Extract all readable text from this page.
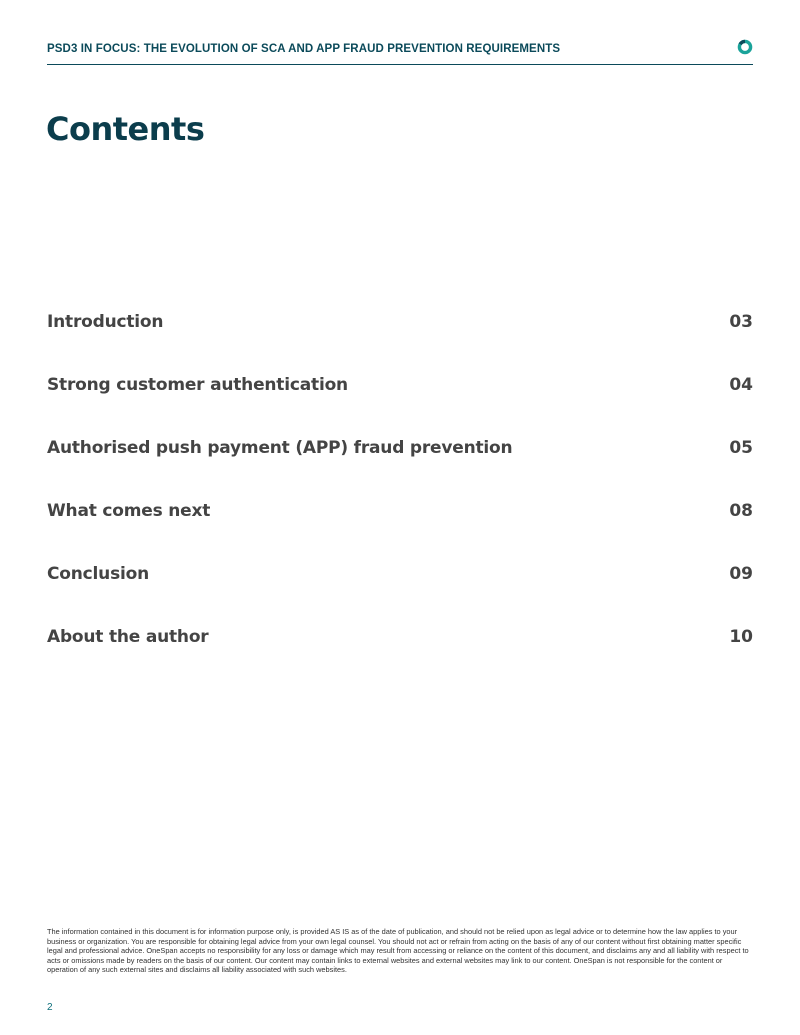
PSD3 IN FOCUS: THE EVOLUTION OF SCA AND APP FRAUD PREVENTION REQUIREMENTS
Contents
Introduction	03
Strong customer authentication	04
Authorised push payment (APP) fraud prevention	05
What comes next	08
Conclusion	09
About the author	10
The information contained in this document is for information purpose only, is provided AS IS as of the date of publication, and should not be relied upon as legal advice or to determine how the law applies to your business or organization. You are responsible for obtaining legal advice from your own legal counsel. You should not act or refrain from acting on the basis of any of our content without first obtaining matter specific legal and professional advice. OneSpan accepts no responsibility for any loss or damage which may result from accessing or reliance on the content of this document, and disclaims any and all liability with respect to acts or omissions made by readers on the basis of our content. Our content may contain links to external websites and external websites may link to our content. OneSpan is not responsible for the content or operation of any such external sites and disclaims all liability associated with such websites.
2
